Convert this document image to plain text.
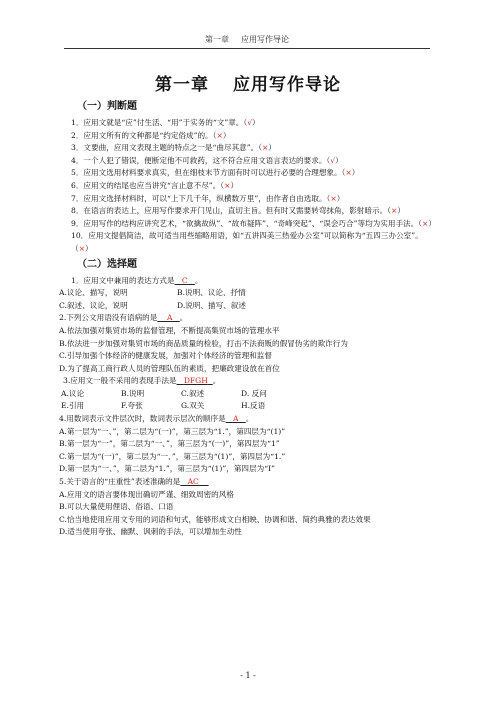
第一章 应用写作导论
第一章 应用写作导论
（一）判断题

1．应用文就是“应”付生活、“用”于实务的“文”章。（√）

2．应用文所有的文种都是“约定俗成”的。（×）

3．文要曲，应用文表现主题的特点之一是“曲尽其意”。（×）

4．一个人犯了错误，便断定他不可救药，这不符合应用文语言表达的要求。（√）

5．应用文选用材料要求真实，但在细枝末节方面有时可以进行必要的合理想象。（×）

6．应用文的结尾也应当讲究“言止意不尽”。（×）

7．应用文选择材料时，可以“上下几千年，纵横数万里”，由作者自由选取。（×）

8．在语言的表达上，应用写作要求开门见山，直切主旨。但有时又需要转弯抹角，影射暗示。（×）

9．应用写作的结构应讲究艺术，“欲擒故纵”、“故布疑阵”、“奇峰突起”、“误会巧合”等均为实用手法。（×）

10．应用文提倡简洁，故可适当用些缩略用语，如“五讲四美三热爱办公室”可以简称为“五四三办公室”。（×）

（二）选择题

1．应用文中兼用的表达方式是 C 。

A.议论、描写，说明	B.说明、议论、抒情
C.叙述、议论，说明	D.说明、描写、叙述

2.下列公文用语没有语病的是 A 。

A.依法加强对集贸市场的监督管理，不断提高集贸市场的管理水平

B.依法进一步加强对集贸市场的商品质量的检验，打击不法商贩的假冒伪劣的欺诈行为

C.引导加强个体经济的健康发展，加强对个体经济的管理和监督

D.为了提高工商行政人员的管理队伍的素质，把廉政建设放在首位

3.应用文一般不采用的表现手法是 DFGH 。

A.议论	B.说明	C.叙述	D. 反问
E.引用	F.夸张	G.双关	H.反语

4.用数词表示文件层次时，数词表示层次的顺序是 A 。

A.第一层为“一、”，第二层为“(一)”，第三层为“1.”，第四层为“(1)”

B.第一层为“一”，第二层为“一、”，第三层为“(一)”，第四层为“1”

C.第一层为“(一)”，第二层为“一、”，第三层为“(1)”，第四层为“1.”

D.第一层为“一、”，第二层为“1.”，第三层为“(1)”，第四层为“I”

5.关于语言的“庄重性”表述准确的是 AC

A.应用文的语言要体现出确切严谨、细致周密的风格

B.可以大量使用俚语、俗语、口语

C.恰当地使用应用文专用的词语和句式，能够形成文白相映、协调和谐、简约典雅的表达效果

D.适当使用夸张、幽默、讽刺的手法，可以增加生动性

- 1 -
